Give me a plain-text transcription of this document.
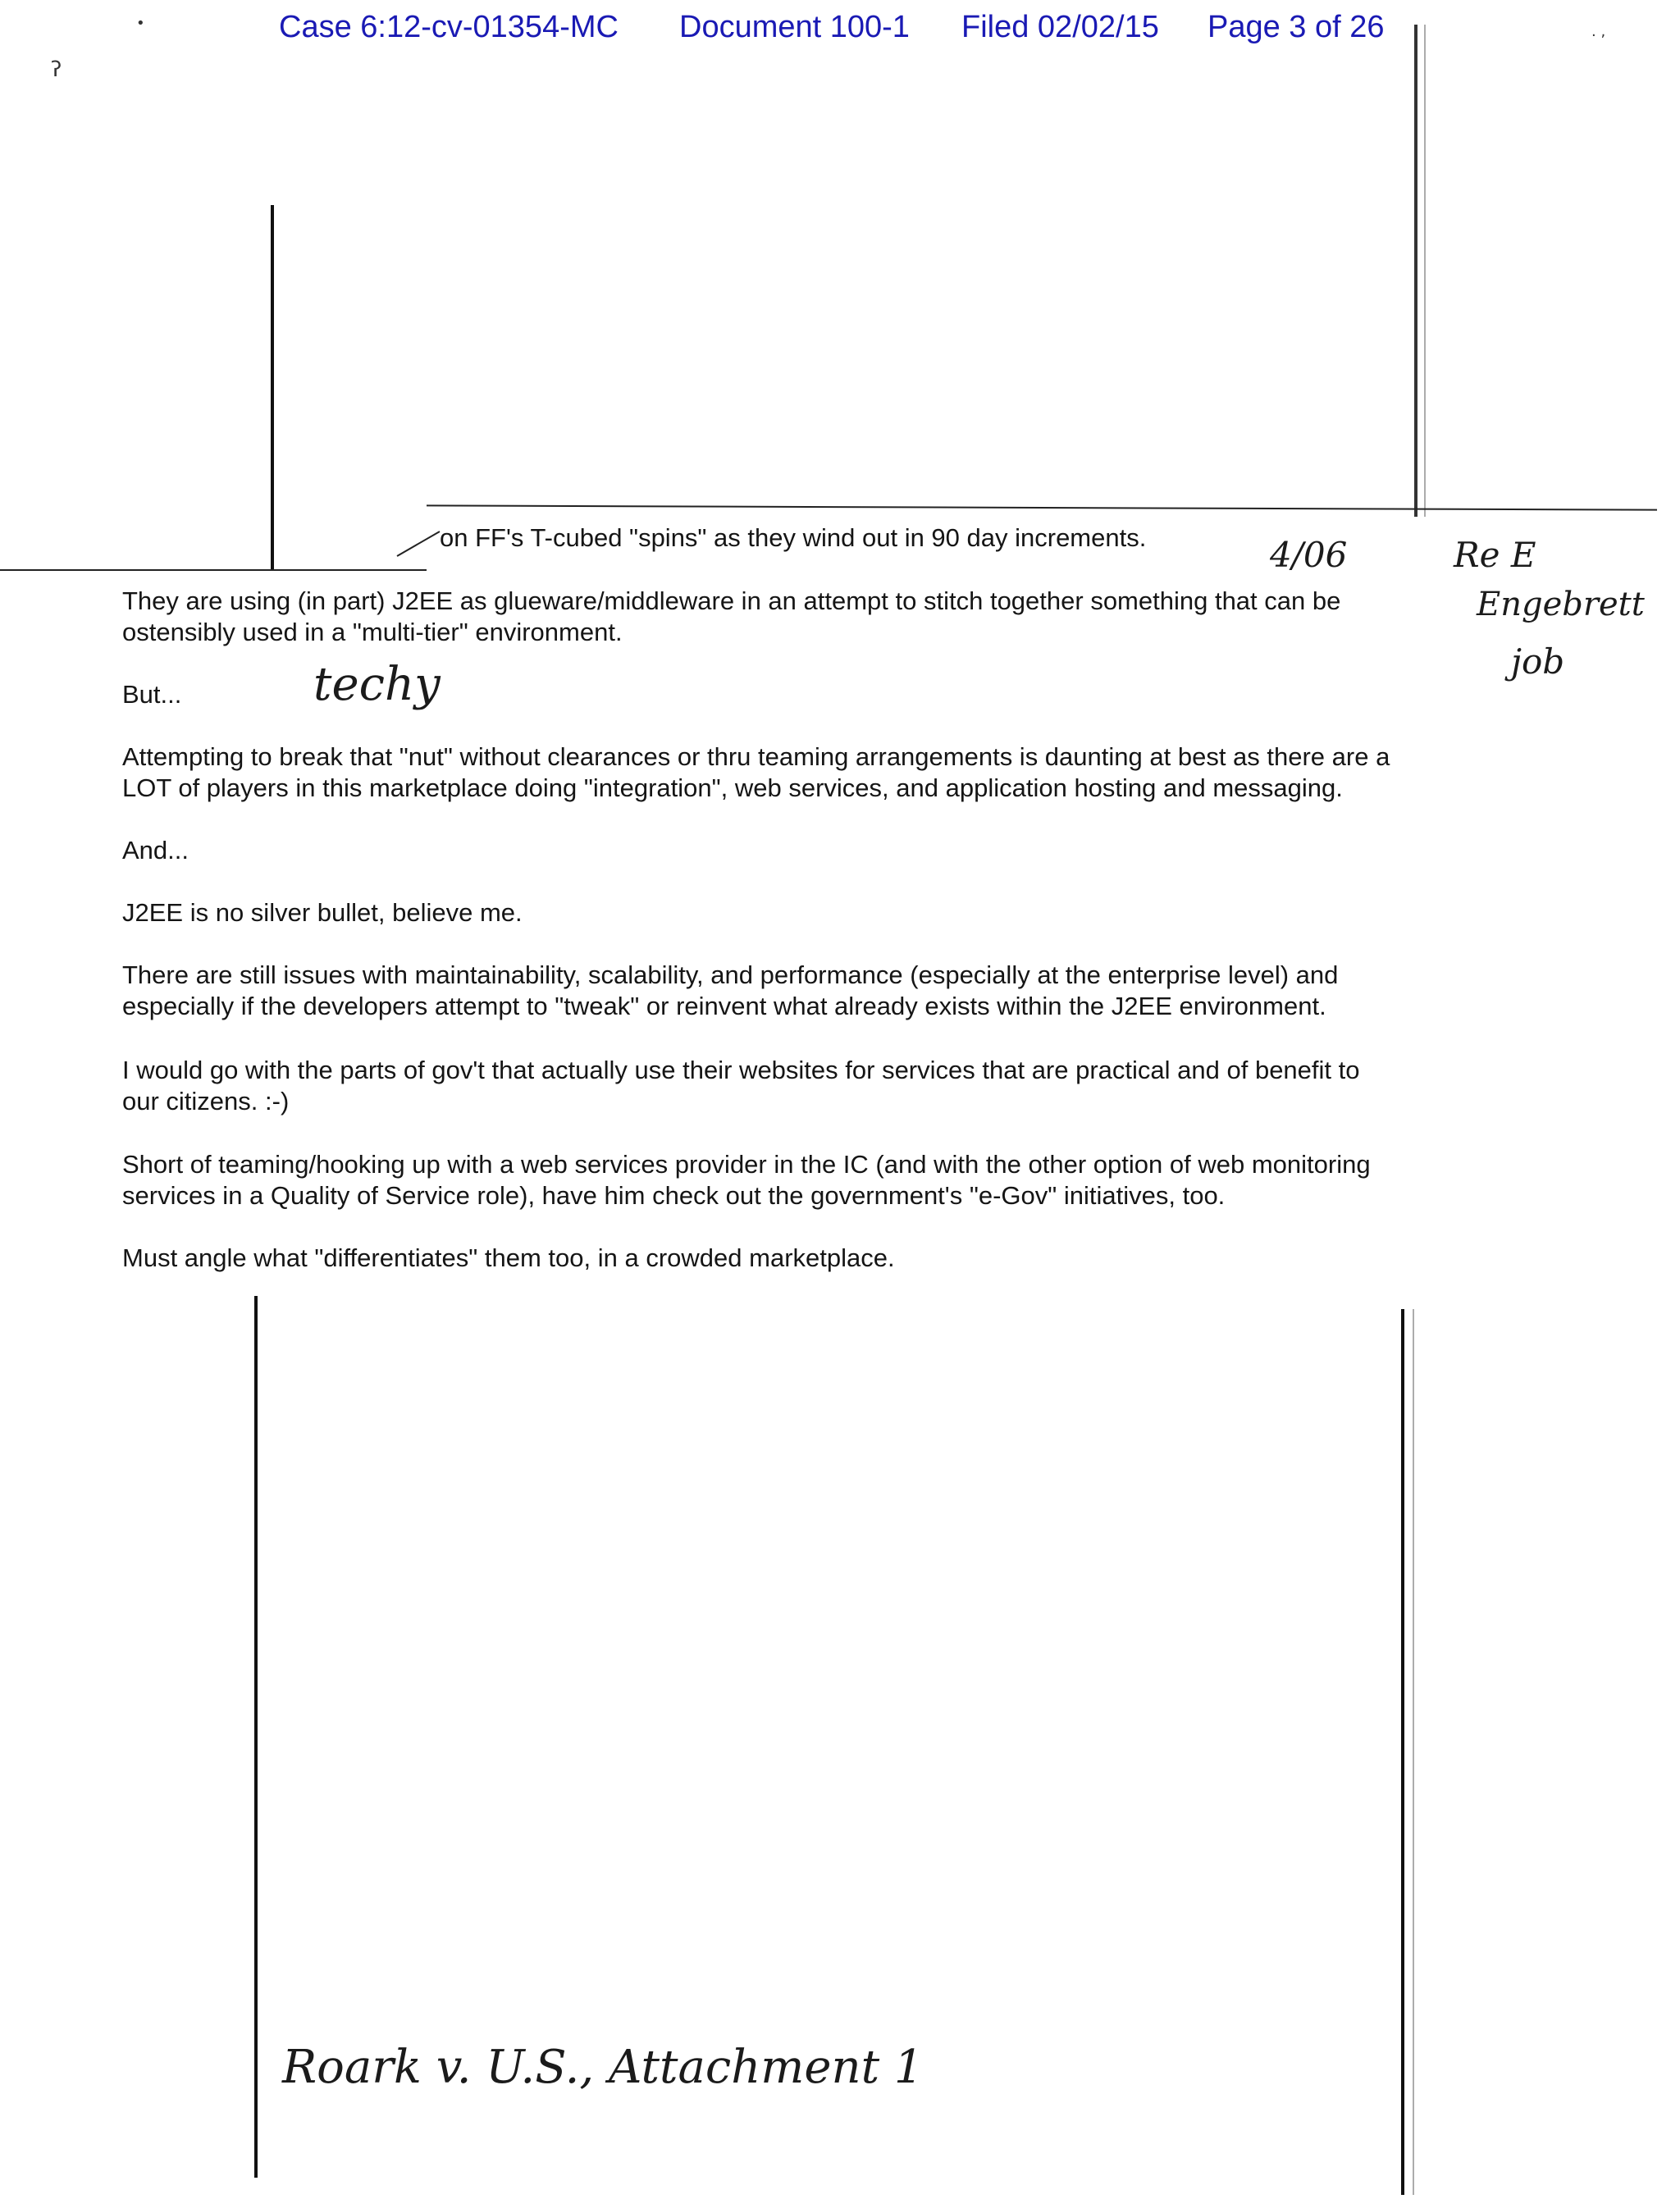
Case 6:12-cv-01354-MC Document 100-1 Filed 02/02/15 Page 3 of 26
ʔ
•	. ,
on FF's T-cubed "spins" as they wind out in 90 day increments.
They are using (in part) J2EE as glueware/middleware in an attempt to stitch together something that can be
ostensibly used in a "multi-tier" environment.
But...
Attempting to break that "nut" without clearances or thru teaming arrangements is daunting at best as there are a
LOT of players in this marketplace doing "integration", web services, and application hosting and messaging.
And...
J2EE is no silver bullet, believe me.
There are still issues with maintainability, scalability, and performance (especially at the enterprise level) and
especially if the developers attempt to "tweak" or reinvent what already exists within the J2EE environment.
I would go with the parts of gov't that actually use their websites for services that are practical and of benefit to
our citizens. :-)
Short of teaming/hooking up with a web services provider in the IC (and with the other option of web monitoring
services in a Quality of Service role), have him check out the government's "e-Gov" initiatives, too.
Must angle what "differentiates" them too, in a crowded marketplace.
4/06	Re E
Engebrett
job
techy
Roark v. U.S., Attachment 1
